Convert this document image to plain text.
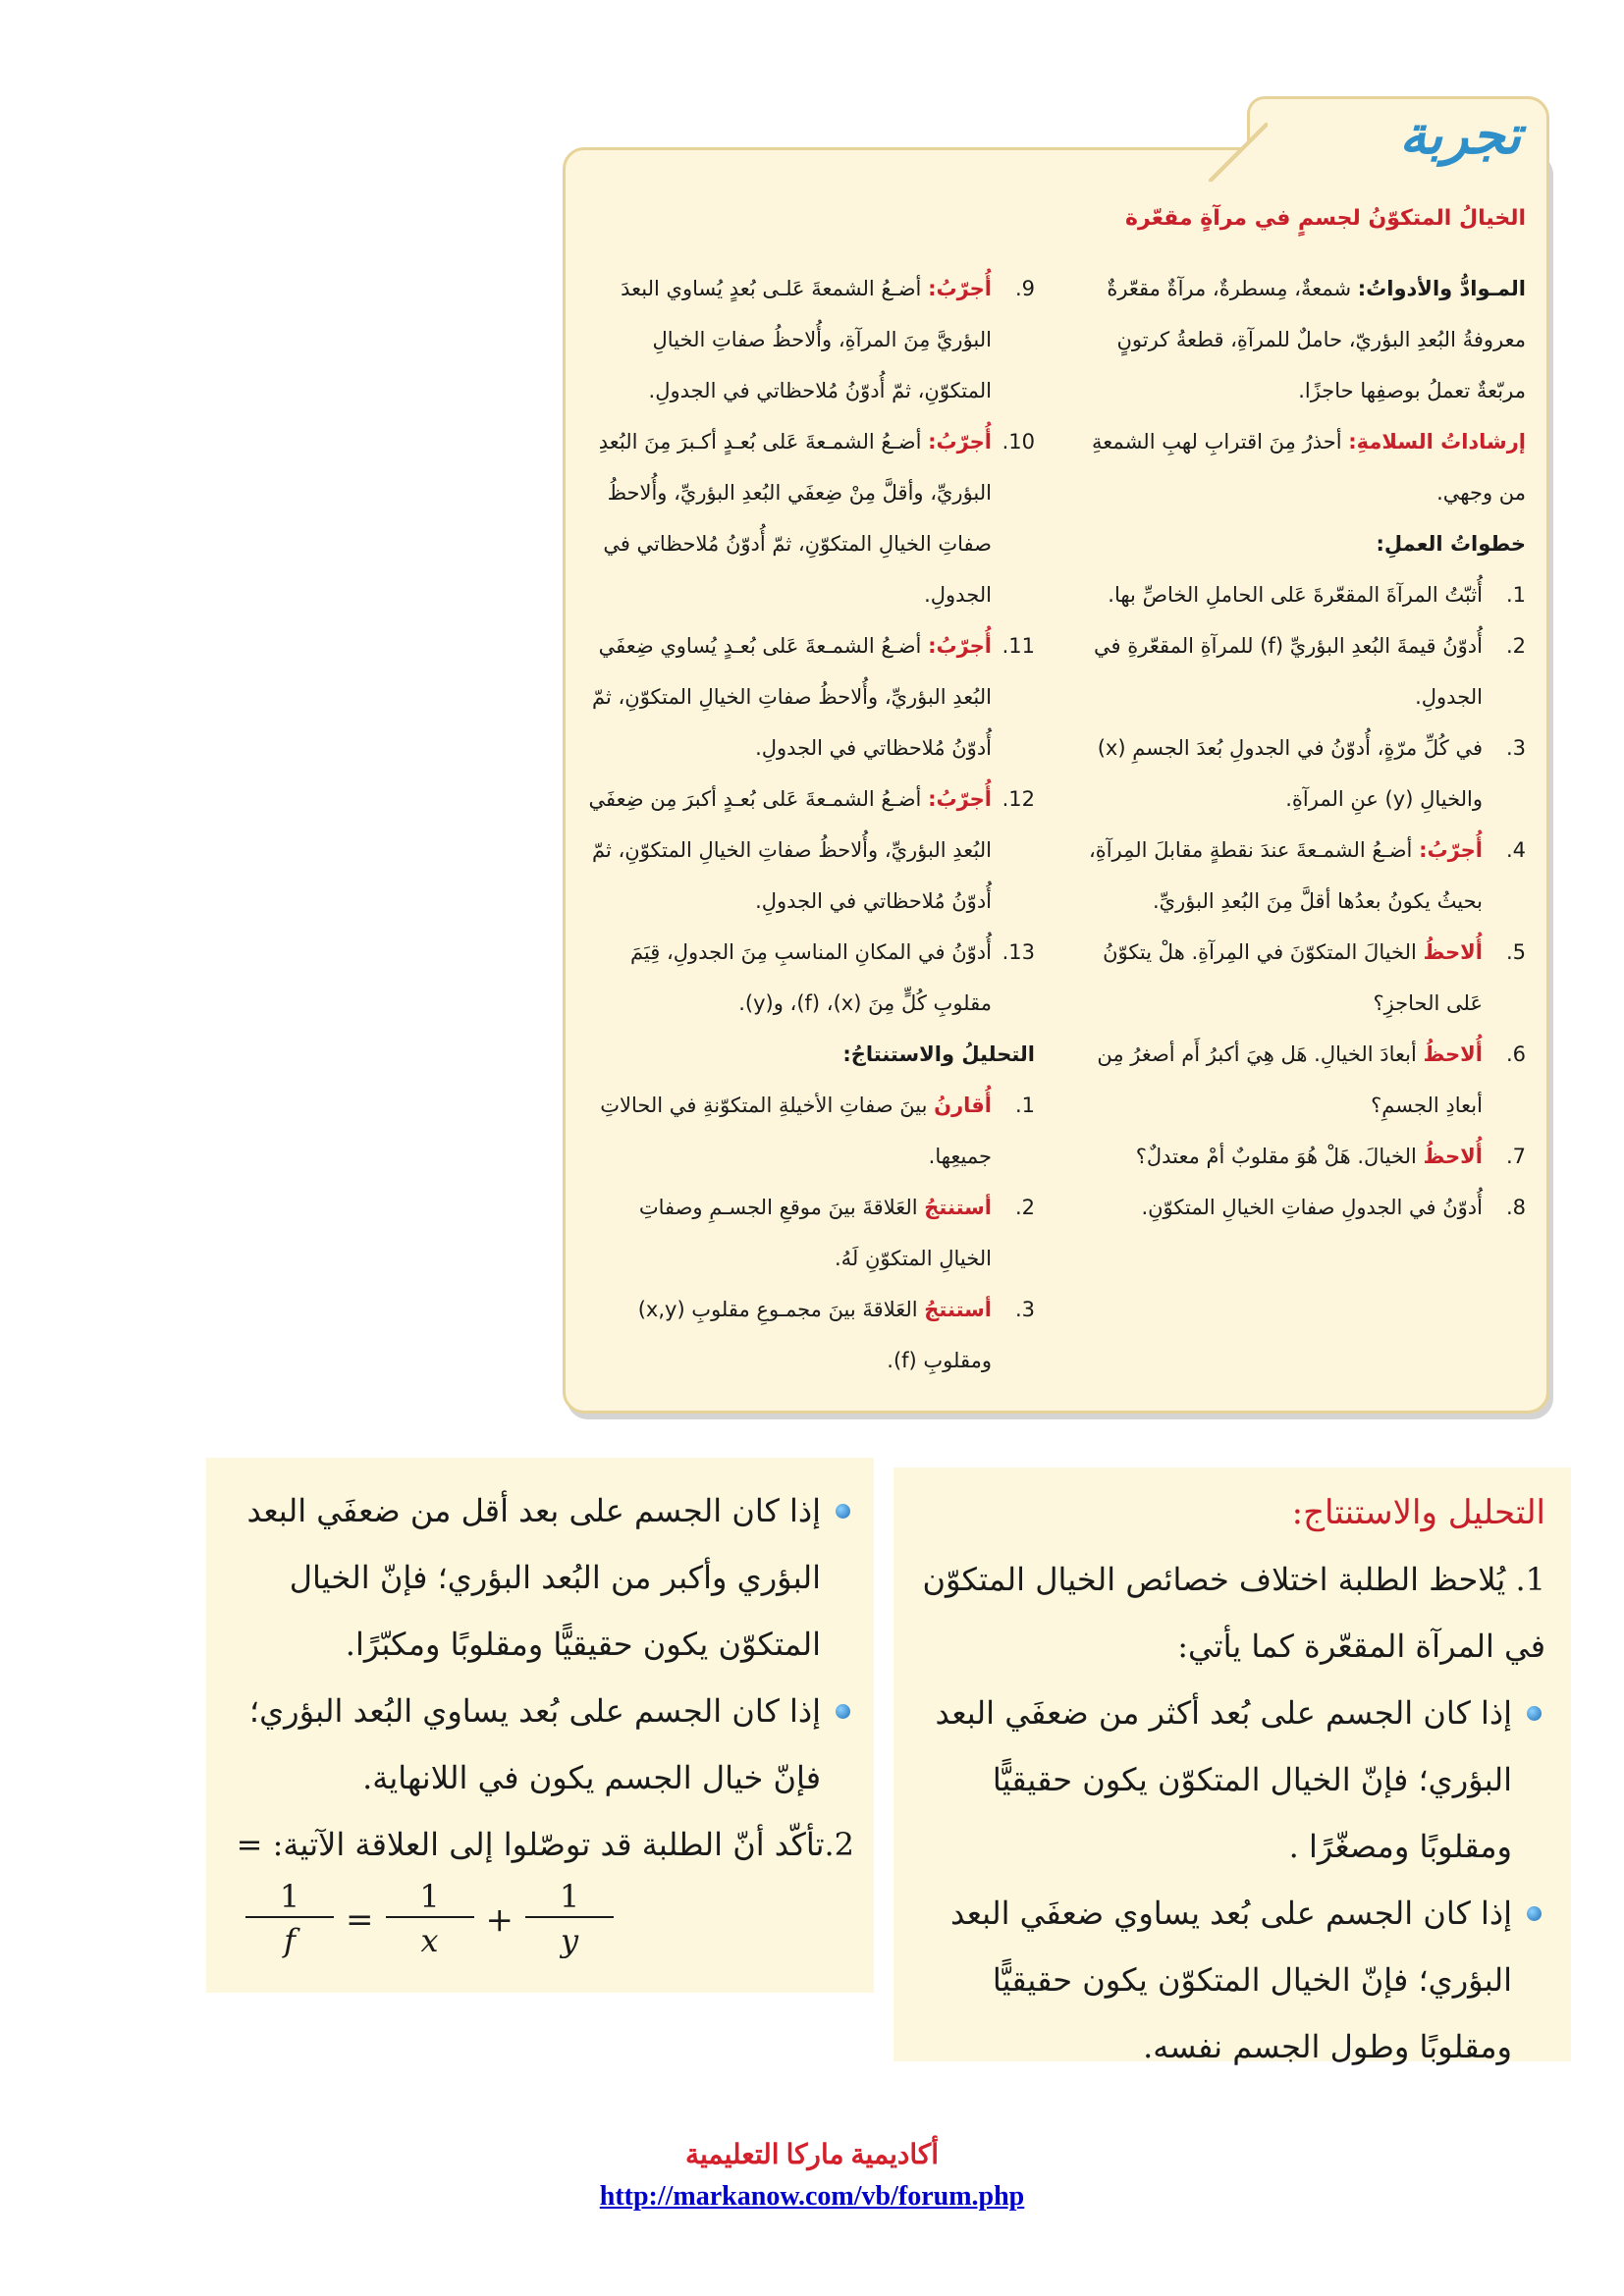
تجربة
الخيالُ المتكوّنُ لجسمٍ في مرآةٍ مقعّرة

المـوادُّ والأدواتُ: شمعةٌ، مِسطرةٌ، مرآةٌ مقعّرةٌ معروفةُ البُعدِ البؤريّ، حاملٌ للمرآةِ، قطعةُ كرتونٍ مربّعةٌ تعملُ بوصفِها حاجزًا.

إرشاداتُ السلامةِ: أحذرُ مِنَ اقترابِ لهبِ الشمعةِ من وجهي.

خطواتُ العملِ:

1.
أُثبّتُ المرآةَ المقعّرةَ عَلى الحاملِ الخاصِّ بها.

2.
أُدوّنُ قيمةَ البُعدِ البؤريِّ (f) للمرآةِ المقعّرةِ في الجدولِ.

3.
في كُلِّ مرّةٍ، أُدوّنُ في الجدولِ بُعدَ الجسمِ (x) والخيالِ (y) عنِ المرآةِ.

4.
أُجرّبُ: أضـعُ الشمـعةَ عندَ نقطةٍ مقابلَ المِرآةِ، بحيثُ يكونُ بعدُها أقلَّ مِنَ البُعدِ البؤريِّ.

5.
أُلاحظُ الخيالَ المتكوّنَ في المِرآةِ. هلْ يتكوّنُ عَلى الحاجزِ؟

6.
أُلاحظُ أبعادَ الخيالِ. هَل هِيَ أكبرُ أَم أصغرُ مِن أبعادِ الجسمِ؟

7.
أُلاحظُ الخيالَ. هَلْ هُوَ مقلوبٌ أمْ معتدلٌ؟

8.
أُدوّنُ في الجدولِ صفاتِ الخيالِ المتكوّنِ.

9.
أُجرّبُ: أضـعُ الشمعةَ عَلـى بُعدٍ يُساوي البعدَ البؤريَّ مِنَ المرآةِ، وأُلاحظُ صفاتِ الخيالِ المتكوّنِ، ثمّ أُدوّنُ مُلاحظاتي في الجدولِ.

10.
أُجرّبُ: أضـعُ الشمـعةَ عَلى بُعـدٍ أكـبرَ مِنَ البُعدِ البؤريِّ، وأقلَّ مِنْ ضِعفَي البُعدِ البؤريِّ، وأُلاحظُ صفاتِ الخيالِ المتكوّنِ، ثمّ أُدوّنُ مُلاحظاتي في الجدولِ.

11.
أُجرّبُ: أضـعُ الشمـعةَ عَلى بُعـدٍ يُساوي ضِعفَي البُعدِ البؤريِّ، وأُلاحظُ صفاتِ الخيالِ المتكوّنِ، ثمّ أُدوّنُ مُلاحظاتي في الجدولِ.

12.
أُجرّبُ: أضـعُ الشمـعةَ عَلى بُعـدٍ أكبرَ مِن ضِعفَي البُعدِ البؤريِّ، وأُلاحظُ صفاتِ الخيالِ المتكوّنِ، ثمّ أُدوّنُ مُلاحظاتي في الجدولِ.

13.
أُدوّنُ في المكانِ المناسبِ مِنَ الجدولِ، قِيَمَ مقلوبِ كُلٍّ مِنَ (x)، (f)، و(y).

التحليلُ والاستنتاجُ:

1.
أُقارنُ بينَ صفاتِ الأخيلةِ المتكوّنةِ في الحالاتِ جميعِها.

2.
أستنتجُ العَلاقةَ بينَ موقعِ الجسـمِ وصفاتِ الخيالِ المتكوّنِ لَهُ.

3.
أستنتجُ العَلاقةَ بينَ مجمـوعِ مقلوبِ (x,y) ومقلوبِ (f).

التحليل والاستنتاج:

1. يُلاحظ الطلبة اختلاف خصائص الخيال المتكوّن في المرآة المقعّرة كما يأتي:

إذا كان الجسم على بُعد أكثر من ضعفَي البعد البؤري؛ فإنّ الخيال المتكوّن يكون حقيقيًّا ومقلوبًا ومصغّرًا .

إذا كان الجسم على بُعد يساوي ضعفَي البعد البؤري؛ فإنّ الخيال المتكوّن يكون حقيقيًّا ومقلوبًا وطول الجسم نفسه.

إذا كان الجسم على بعد أقل من ضعفَي البعد البؤري وأكبر من البُعد البؤري؛ فإنّ الخيال المتكوّن يكون حقيقيًّا ومقلوبًا ومكبّرًا.

إذا كان الجسم على بُعد يساوي البُعد البؤري؛ فإنّ خيال الجسم يكون في اللانهاية.

2.تأكّد أنّ الطلبة قد توصّلوا إلى العلاقة الآتية: =

$\frac{1}{f} = \frac{1}{x} + \frac{1}{y}$
أكاديمية ماركا التعليمية
http://markanow.com/vb/forum.php
